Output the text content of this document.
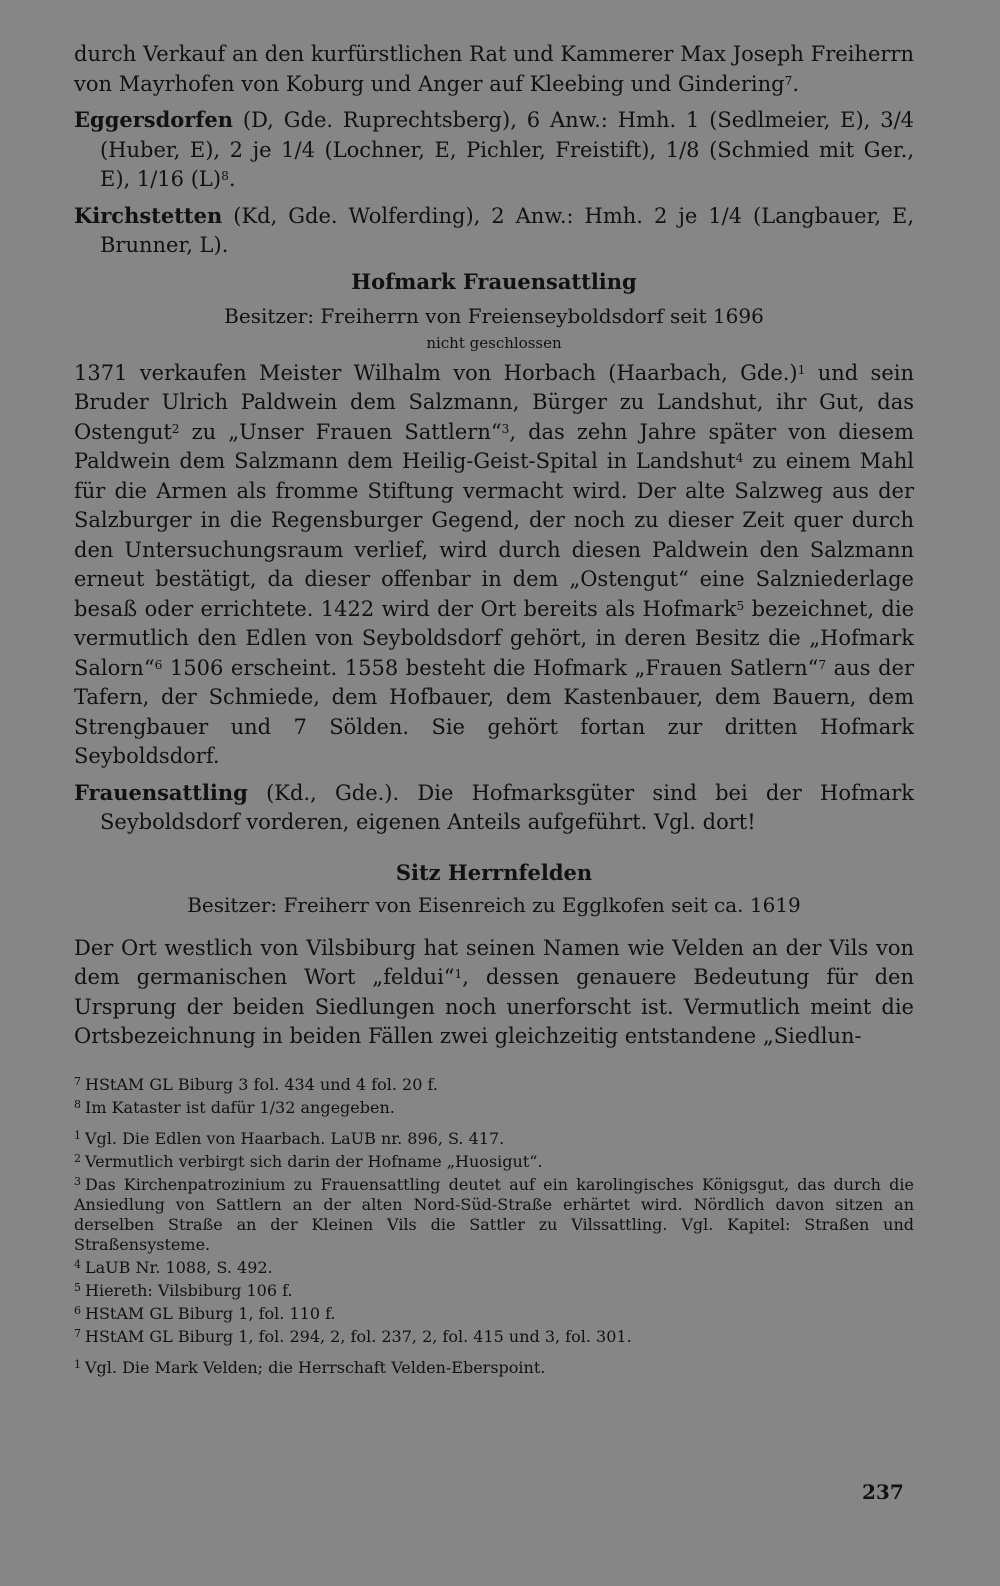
durch Verkauf an den kurfürstlichen Rat und Kammerer Max Joseph Freiherrn von Mayrhofen von Koburg und Anger auf Kleebing und Gindering$^7$.

Eggersdorfen (D, Gde. Ruprechtsberg), 6 Anw.: Hmh. 1 (Sedlmeier, E), 3/4 (Huber, E), 2 je 1/4 (Lochner, E, Pichler, Freistift), 1/8 (Schmied mit Ger., E), 1/16 $(L)^8$.

Kirchstetten (Kd, Gde. Wolferding), 2 Anw.: Hmh. 2 je 1/4 (Langbauer, E, Brunner, L).

Hofmark Frauensattling

Besitzer: Freiherrn von Freienseyboldsdorf seit 1696

nicht geschlossen

1371 verkaufen Meister Wilhalm von Horbach (Haarbach, Gde.)$^1$ und sein Bruder Ulrich Paldwein dem Salzmann, Bürger zu Landshut, ihr Gut, das Ostengut$^2$ zu „Unser Frauen Sattlern“$^3$, das zehn Jahre später von diesem Paldwein dem Salzmann dem Heilig-Geist-Spital in Landshut$^4$ zu einem Mahl für die Armen als fromme Stiftung vermacht wird. Der alte Salzweg aus der Salzburger in die Regensburger Gegend, der noch zu dieser Zeit quer durch den Untersuchungsraum verlief, wird durch diesen Paldwein den Salzmann erneut bestätigt, da dieser offenbar in dem „Ostengut“ eine Salzniederlage besaß oder errichtete. 1422 wird der Ort bereits als Hofmark$^5$ bezeichnet, die vermutlich den Edlen von Seyboldsdorf gehört, in deren Besitz die „Hofmark Salorn“$^6$ 1506 erscheint. 1558 besteht die Hofmark „Frauen Satlern“$^7$ aus der Tafern, der Schmiede, dem Hofbauer, dem Kastenbauer, dem Bauern, dem Strengbauer und 7 Sölden. Sie gehört fortan zur dritten Hofmark Seyboldsdorf.

Frauensattling (Kd., Gde.). Die Hofmarksgüter sind bei der Hofmark Seyboldsdorf vorderen, eigenen Anteils aufgeführt. Vgl. dort!

Sitz Herrnfelden

Besitzer: Freiherr von Eisenreich zu Egglkofen seit ca. 1619

Der Ort westlich von Vilsbiburg hat seinen Namen wie Velden an der Vils von dem germanischen Wort „feldui“$^1$, dessen genauere Bedeutung für den Ursprung der beiden Siedlungen noch unerforscht ist. Vermutlich meint die Ortsbezeichnung in beiden Fällen zwei gleichzeitig entstandene „Siedlun-

$^7$ HStAM GL Biburg 3 fol. 434 und 4 fol. 20 f.

$^8$ Im Kataster ist dafür 1/32 angegeben.

$^1$ Vgl. Die Edlen von Haarbach. LaUB nr. 896, S. 417.

$^2$ Vermutlich verbirgt sich darin der Hofname „Huosigut“.

$^3$ Das Kirchenpatrozinium zu Frauensattling deutet auf ein karolingisches Königsgut, das durch die Ansiedlung von Sattlern an der alten Nord-Süd-Straße erhärtet wird. Nördlich davon sitzen an derselben Straße an der Kleinen Vils die Sattler zu Vilssattling. Vgl. Kapitel: Straßen und Straßensysteme.

$^4$ LaUB Nr. 1088, S. 492.

$^5$ Hiereth: Vilsbiburg 106 f.

$^6$ HStAM GL Biburg 1, fol. 110 f.

$^7$ HStAM GL Biburg 1, fol. 294, 2, fol. 237, 2, fol. 415 und 3, fol. 301.

$^1$ Vgl. Die Mark Velden; die Herrschaft Velden-Eberspoint.

237
